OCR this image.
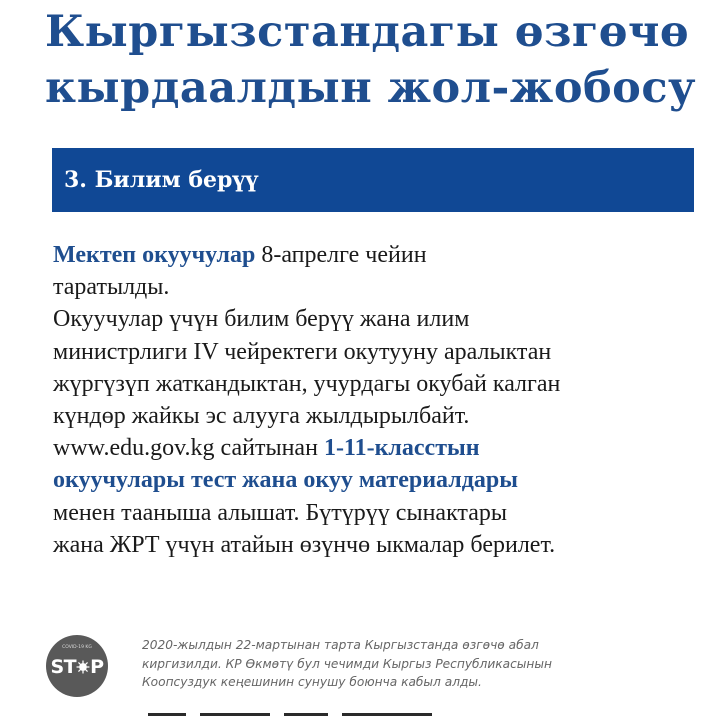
Кыргызстандагы өзгөчө
кырдаалдын жол-жобосу
3. Билим берүү
Мектеп окуучулар 8-апрелге чейин
таратылды.
Окуучулар үчүн билим берүү жана илим
министрлиги IV чейректеги окутууну аралыктан
жүргүзүп жаткандыктан, учурдагы окубай калган
күндөр жайкы эс алууга жылдырылбайт.
www.edu.gov.kg сайтынан 1-11-класстын
окуучулары тест жана окуу материалдары
менен тааныша алышат. Бүтүрүү сынактары
жана ЖРТ үчүн атайын өзүнчө ыкмалар берилет.
COVID-19 KG
ST P
2020-жылдын 22-мартынан тарта Кыргызстанда өзгөчө абал
киргизилди. КР Өкмөтү бул чечимди Кыргыз Республикасынын
Коопсуздук кеңешинин сунушу боюнча кабыл алды.
